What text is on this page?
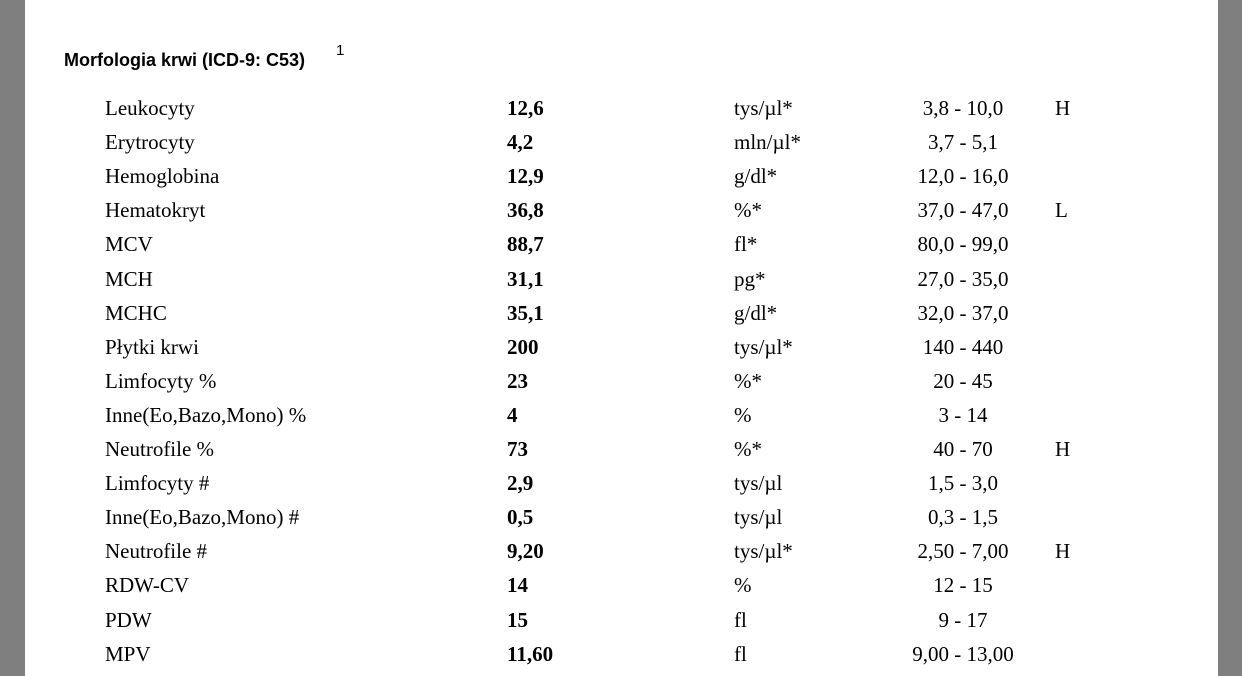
Morfologia krwi (ICD-9: C53) 1
Leukocyty	12,6	tys/µl*	3,8 - 10,0	H
Erytrocyty	4,2	mln/µl*	3,7 - 5,1
Hemoglobina	12,9	g/dl*	12,0 - 16,0
Hematokryt	36,8	%*	37,0 - 47,0	L
MCV	88,7	fl*	80,0 - 99,0
MCH	31,1	pg*	27,0 - 35,0
MCHC	35,1	g/dl*	32,0 - 37,0
Płytki krwi	200	tys/µl*	140 - 440
Limfocyty %	23	%*	20 - 45
Inne(Eo,Bazo,Mono) %	4	%	3 - 14
Neutrofile %	73	%*	40 - 70	H
Limfocyty #	2,9	tys/µl	1,5 - 3,0
Inne(Eo,Bazo,Mono) #	0,5	tys/µl	0,3 - 1,5
Neutrofile #	9,20	tys/µl*	2,50 - 7,00	H
RDW-CV	14	%	12 - 15
PDW	15	fl	9 - 17
MPV	11,60	fl	9,00 - 13,00
